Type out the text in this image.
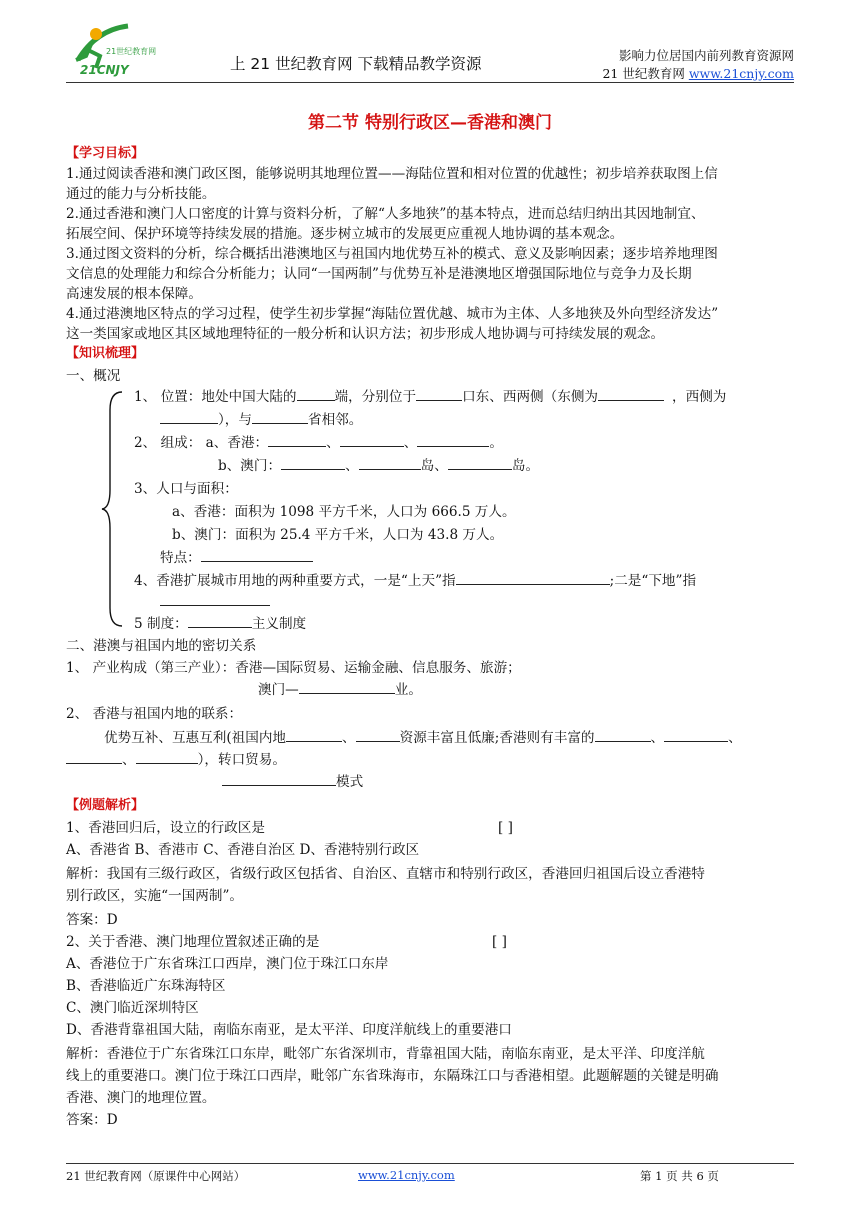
21世纪教育网
21CNJY	上 21 世纪教育网 下载精品教学资源	影响力位居国内前列教育资源网
21 世纪教育网 www.21cnjy.com
第二节 特别行政区—香港和澳门
【学习目标】
1.通过阅读香港和澳门政区图，能够说明其地理位置——海陆位置和相对位置的优越性；初步培养获取图上信
通过的能力与分析技能。
2.通过香港和澳门人口密度的计算与资料分析，了解“人多地狭”的基本特点，进而总结归纳出其因地制宜、
拓展空间、保护环境等持续发展的措施。逐步树立城市的发展更应重视人地协调的基本观念。
3.通过图文资料的分析，综合概括出港澳地区与祖国内地优势互补的模式、意义及影响因素；逐步培养地理图
文信息的处理能力和综合分析能力；认同“一国两制”与优势互补是港澳地区增强国际地位与竞争力及长期
高速发展的根本保障。
4.通过港澳地区特点的学习过程，使学生初步掌握“海陆位置优越、城市为主体、人多地狭及外向型经济发达”
这一类国家或地区其区域地理特征的一般分析和认识方法；初步形成人地协调与可持续发展的观念。
【知识梳理】
一、概况
1、 位置：地处中国大陆的	端，分别位于	口东、西两侧（东侧为	，西侧为
），与	省相邻。
2、 组成： a、香港：	、	、	。
b、澳门：	、	岛、	岛。
3、人口与面积：
a、香港：面积为 1098 平方千米，人口为 666.5 万人。
b、澳门：面积为 25.4 平方千米，人口为 43.8 万人。
特点：
4、香港扩展城市用地的两种重要方式，一是“上天”指	;二是“下地”指
5 制度：	主义制度
二、港澳与祖国内地的密切关系
1、 产业构成（第三产业）：香港—国际贸易、运输金融、信息服务、旅游；
澳门—	业。
2、 香港与祖国内地的联系：
优势互补、互惠互利(祖国内地	、	资源丰富且低廉;香港则有丰富的	、	、
、	），转口贸易。
模式
【例题解析】
1、香港回归后，设立的行政区是	[ ]
A、香港省 B、香港市 C、香港自治区 D、香港特别行政区
解析：我国有三级行政区，省级行政区包括省、自治区、直辖市和特别行政区，香港回归祖国后设立香港特
别行政区，实施“一国两制”。
答案：D
2、关于香港、澳门地理位置叙述正确的是	[ ]
A、香港位于广东省珠江口西岸，澳门位于珠江口东岸
B、香港临近广东珠海特区
C、澳门临近深圳特区
D、香港背靠祖国大陆，南临东南亚，是太平洋、印度洋航线上的重要港口
解析：香港位于广东省珠江口东岸，毗邻广东省深圳市，背靠祖国大陆，南临东南亚，是太平洋、印度洋航
线上的重要港口。澳门位于珠江口西岸，毗邻广东省珠海市，东隔珠江口与香港相望。此题解题的关键是明确
香港、澳门的地理位置。
答案：D
21 世纪教育网（原课件中心网站）	www.21cnjy.com	第 1 页 共 6 页
